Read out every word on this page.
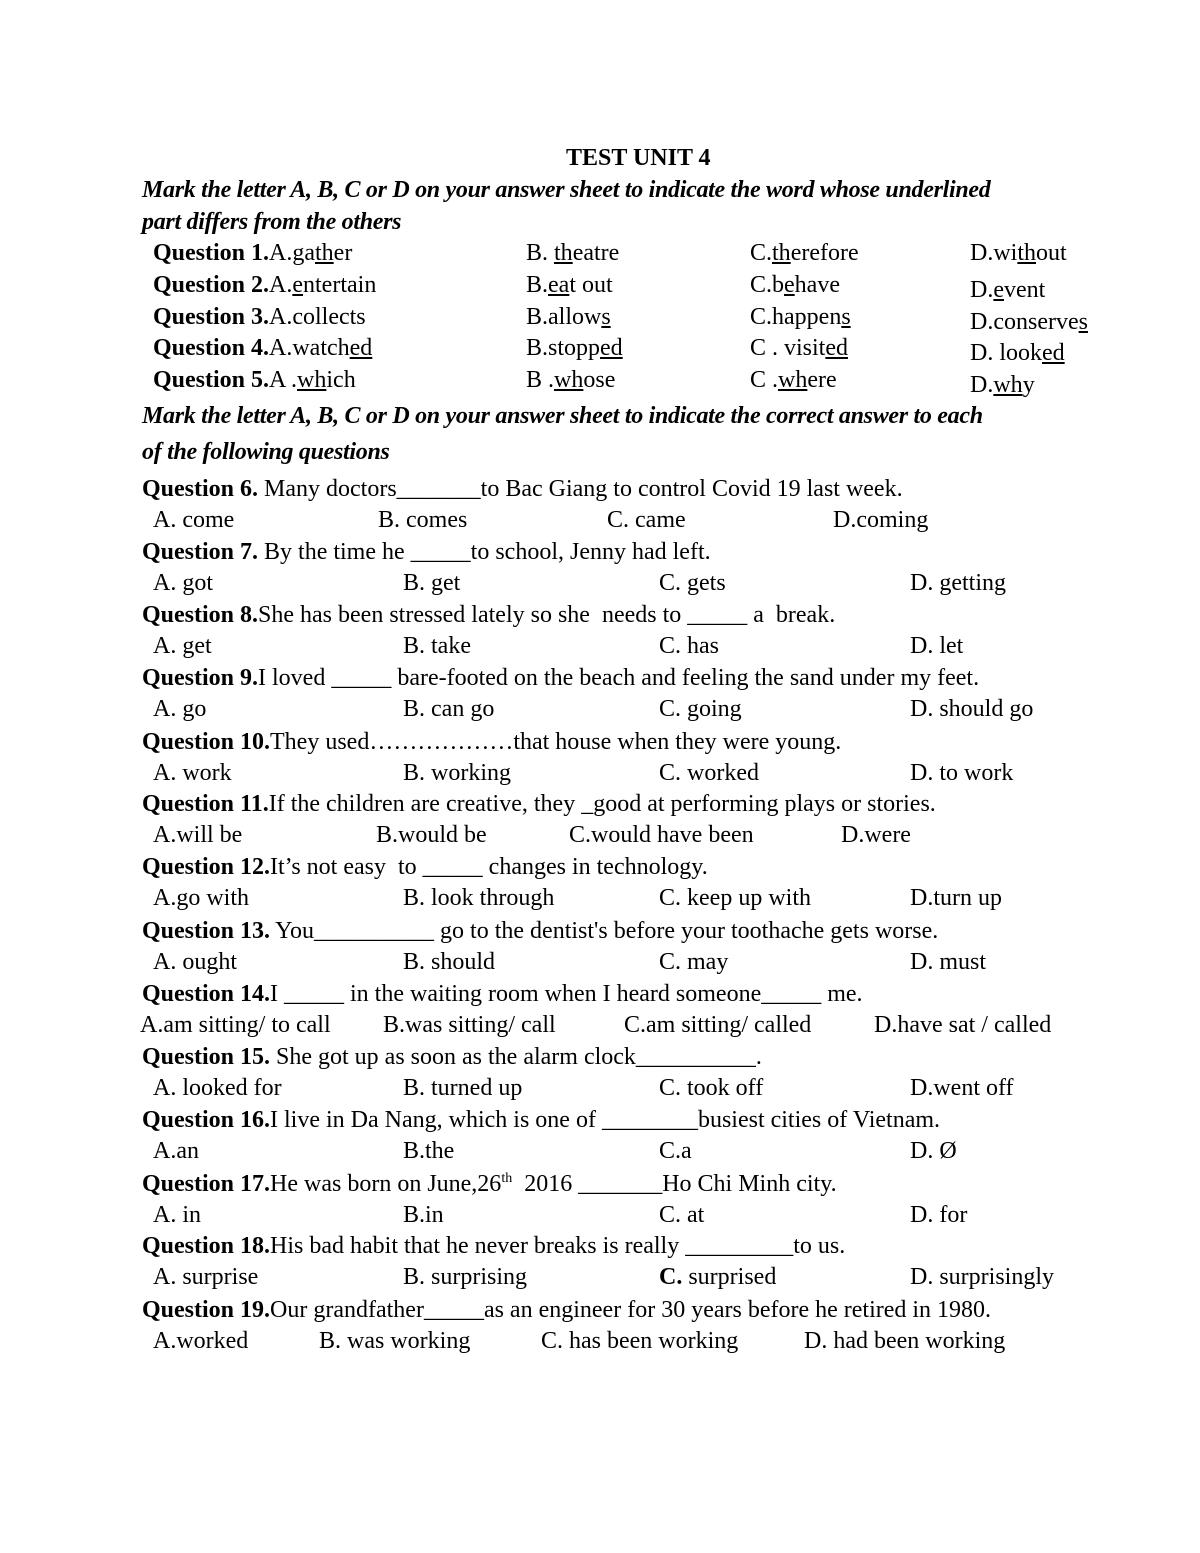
TEST UNIT 4
Mark the letter A, B, C or D on your answer sheet to indicate the word whose underlined
part differs from the others
Question 1.A.gather	B. theatre	C.therefore	D.without
Question 2.A.entertain	B.eat out	C.behave	D.event
Question 3.A.collects	B.allows	C.happens	D.conserves
Question 4.A.watched	B.stopped	C . visited	D. looked
Question 5.A .which	B .whose	C .where	D.why
Mark the letter A, B, C or D on your answer sheet to indicate the correct answer to each
of the following questions
Question 6. Many doctors_______to Bac Giang to control Covid 19 last week.
A. come	B. comes	C. came	D.coming
Question 7. By the time he _____to school, Jenny had left.
A. got	B. get	C. gets	D. getting
Question 8.She has been stressed lately so she  needs to _____ a  break.
A. get	B. take	C. has	D. let
Question 9.I loved _____ bare-footed on the beach and feeling the sand under my feet.
A. go	B. can go	C. going	D. should go
Question 10.They used………………that house when they were young.
A. work	B. working	C. worked	D. to work
Question 11.If the children are creative, they _good at performing plays or stories.
A.will be	B.would be	C.would have been	D.were
Question 12.It’s not easy  to _____ changes in technology.
A.go with	B. look through	C. keep up with	D.turn up
Question 13. You__________ go to the dentist's before your toothache gets worse.
A. ought	B. should	C. may	D. must
Question 14.I _____ in the waiting room when I heard someone_____ me.
A.am sitting/ to call B.was sitting/ call	C.am sitting/ called	D.have sat / called
Question 15. She got up as soon as the alarm clock__________.
A. looked for	B. turned up	C. took off	D.went off
Question 16.I live in Da Nang, which is one of ________busiest cities of Vietnam.
A.an	B.the	C.a	D. Ø
Question 17.He was born on June,26th  2016 _______Ho Chi Minh city.
A. in	B.in	C. at	D. for
Question 18.His bad habit that he never breaks is really _________to us.
A. surprise	B. surprising	C. surprised	D. surprisingly
Question 19.Our grandfather_____as an engineer for 30 years before he retired in 1980.
A.worked	B. was working	C. has been working	D. had been working
